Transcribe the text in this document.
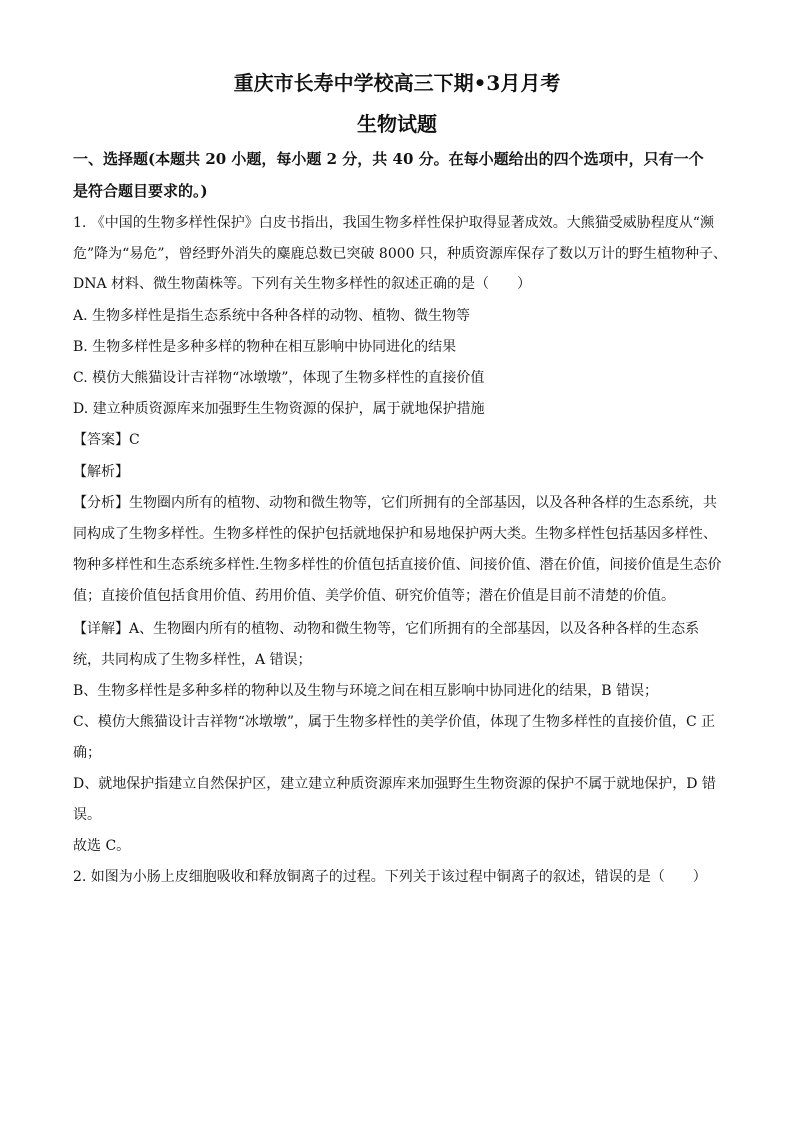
重庆市长寿中学校高三下期•3月月考
生物试题
一、选择题(本题共 20 小题，每小题 2 分，共 40 分。在每小题给出的四个选项中，只有一个
是符合题目要求的。)
1. 《中国的生物多样性保护》白皮书指出，我国生物多样性保护取得显著成效。大熊猫受威胁程度从“濒
危”降为“易危”，曾经野外消失的麋鹿总数已突破 8000 只，种质资源库保存了数以万计的野生植物种子、
DNA 材料、微生物菌株等。下列有关生物多样性的叙述正确的是（　　）
A. 生物多样性是指生态系统中各种各样的动物、植物、微生物等
B. 生物多样性是多种多样的物种在相互影响中协同进化的结果
C. 模仿大熊猫设计吉祥物“冰墩墩”，体现了生物多样性的直接价值
D. 建立种质资源库来加强野生生物资源的保护，属于就地保护措施
【答案】C
【解析】
【分析】生物圈内所有的植物、动物和微生物等，它们所拥有的全部基因，以及各种各样的生态系统，共
同构成了生物多样性。生物多样性的保护包括就地保护和易地保护两大类。生物多样性包括基因多样性、
物种多样性和生态系统多样性.生物多样性的价值包括直接价值、间接价值、潜在价值，间接价值是生态价
值；直接价值包括食用价值、药用价值、美学价值、研究价值等；潜在价值是目前不清楚的价值。
【详解】A、生物圈内所有的植物、动物和微生物等，它们所拥有的全部基因，以及各种各样的生态系
统，共同构成了生物多样性，A 错误；
B、生物多样性是多种多样的物种以及生物与环境之间在相互影响中协同进化的结果，B 错误；
C、模仿大熊猫设计吉祥物“冰墩墩”，属于生物多样性的美学价值，体现了生物多样性的直接价值，C 正
确；
D、就地保护指建立自然保护区，建立建立种质资源库来加强野生生物资源的保护不属于就地保护，D 错
误。
故选 C。
2. 如图为小肠上皮细胞吸收和释放铜离子的过程。下列关于该过程中铜离子的叙述，错误的是（　　）
